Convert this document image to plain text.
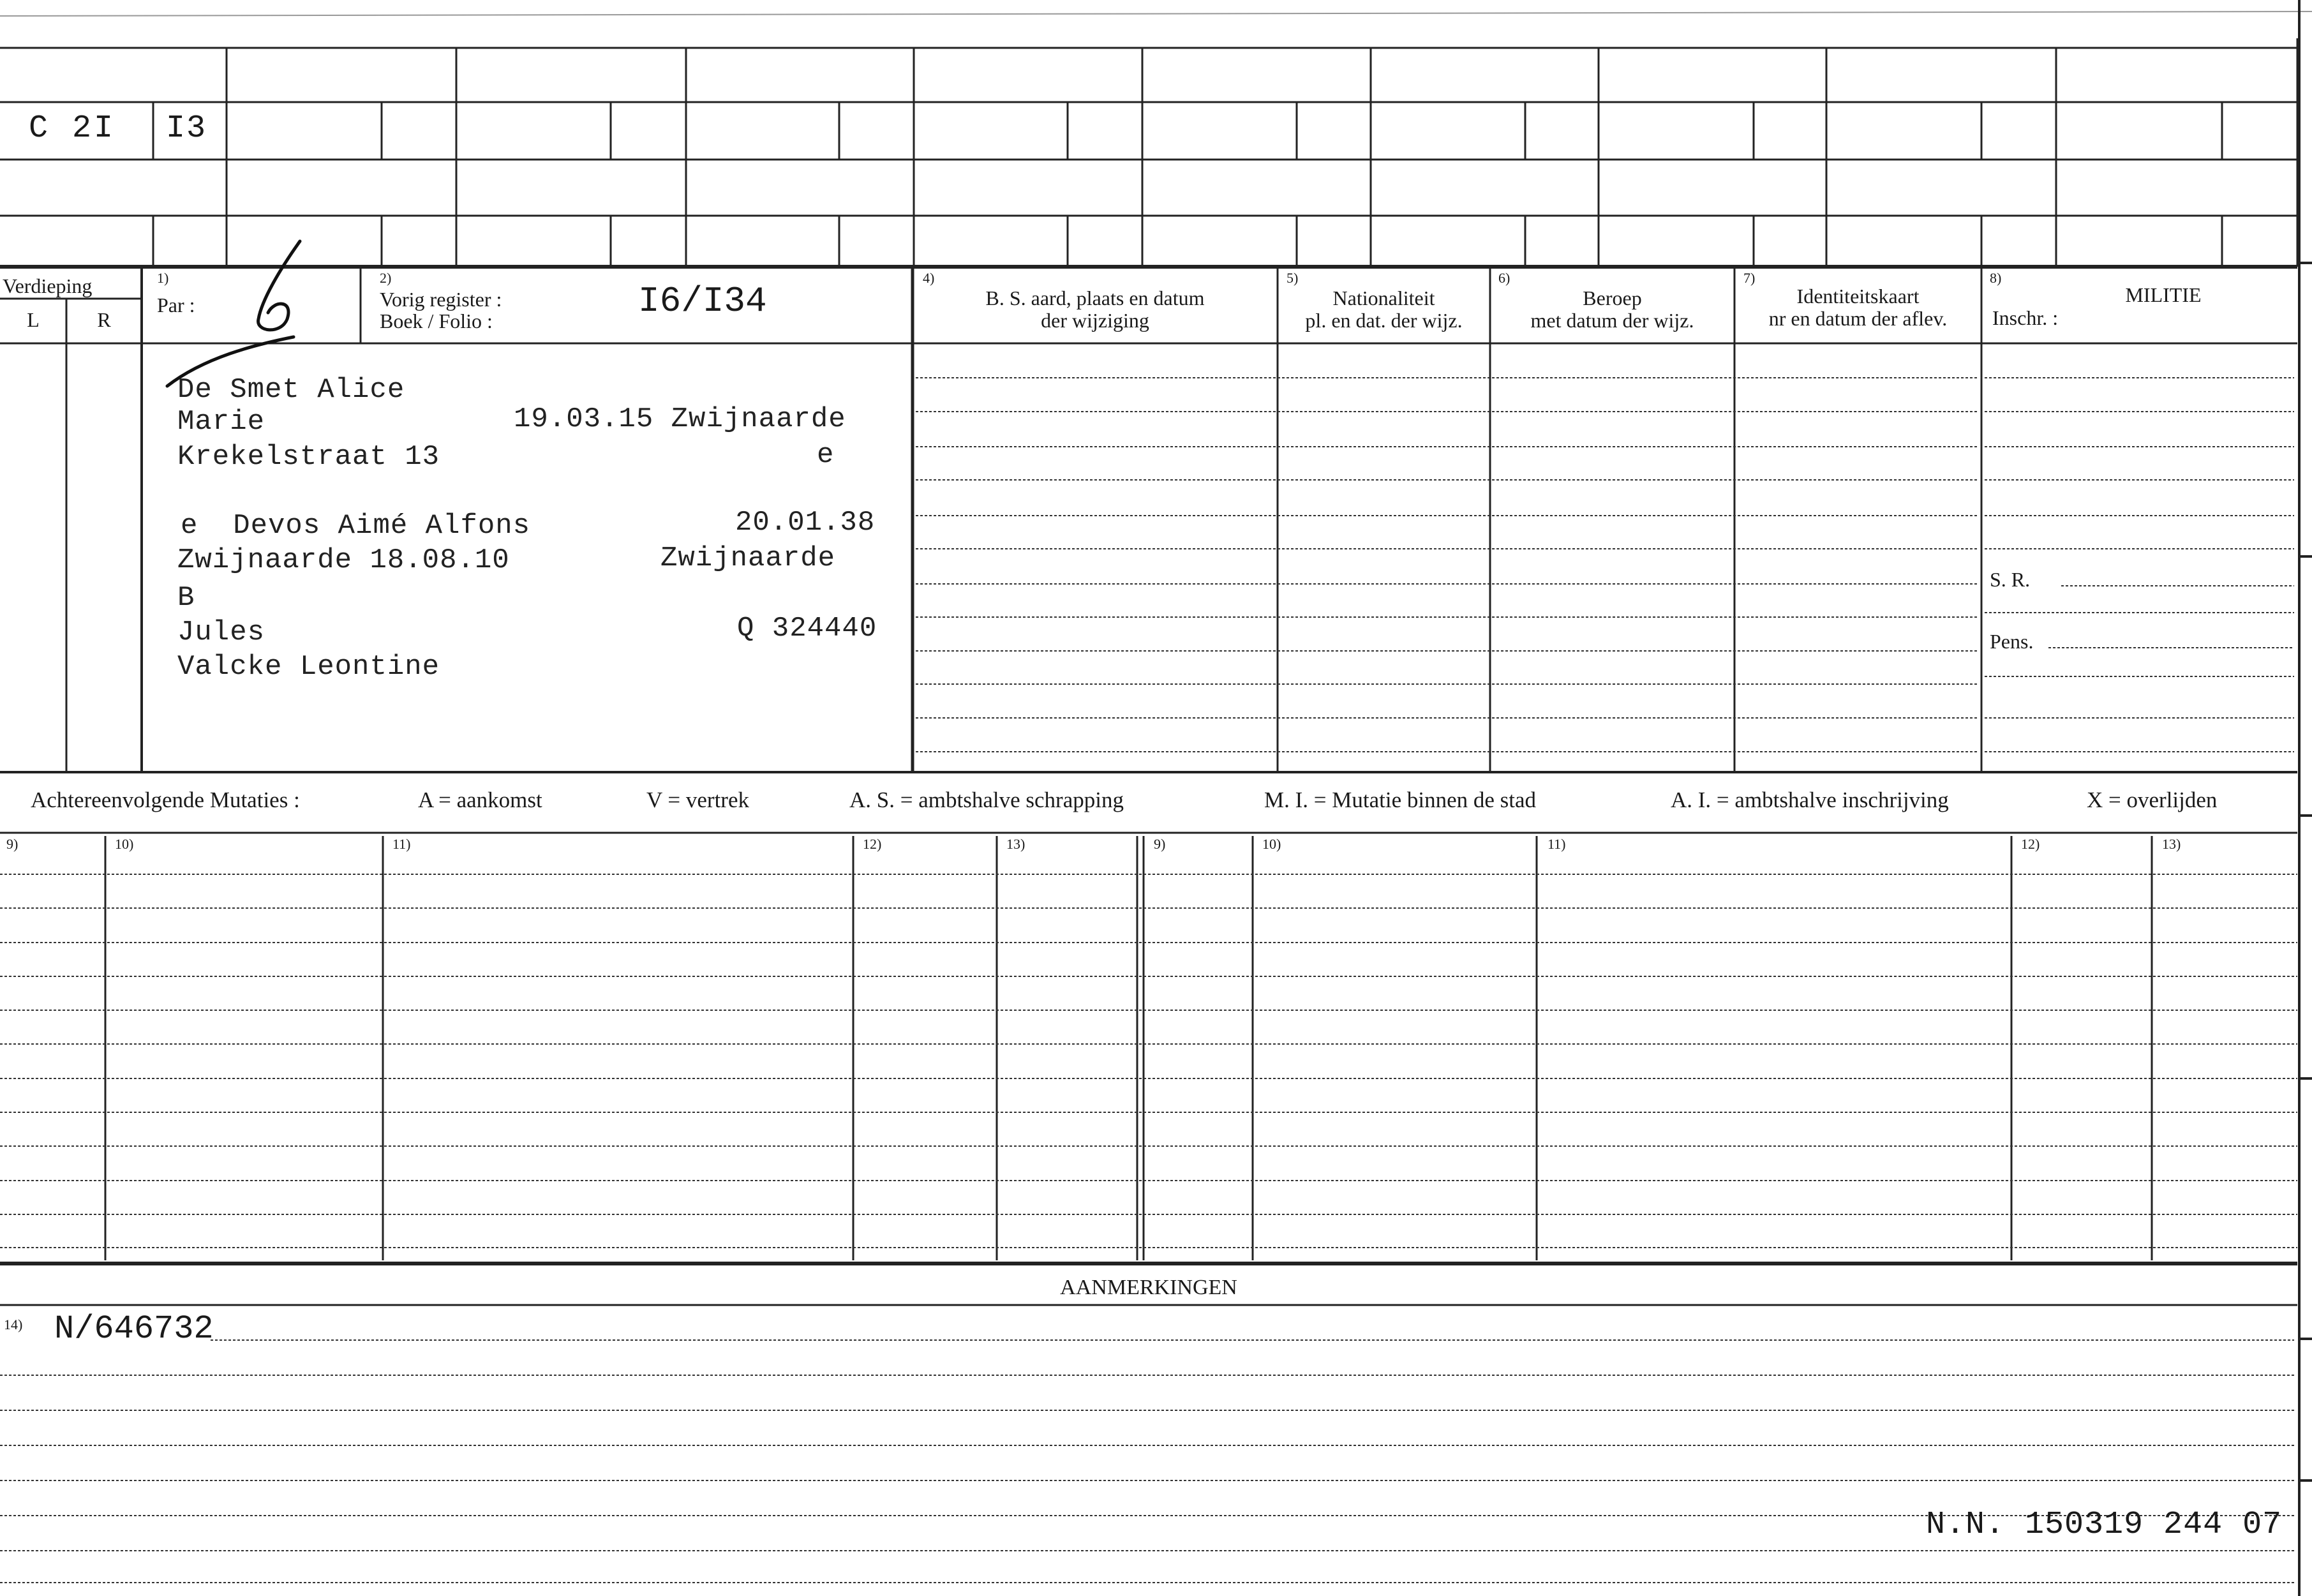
C 2I I3
Verdieping
L	R
1)
Par :
2)
Vorig register :
Boek / Folio :	I6/I34
4)
B. S. aard, plaats en datum
der wijziging
5)
Nationaliteit
pl. en dat. der wijz.
6)
Beroep
met datum der wijz.
7)
Identiteitskaart
nr en datum der aflev.
8)
MILITIE
Inschr. :
S. R.
Pens.
De Smet Alice
Marie	19.03.15 Zwijnaarde
Krekelstraat 13	e
e  Devos Aimé Alfons	20.01.38
Zwijnaarde 18.08.10	Zwijnaarde
B
Jules	Q 324440
Valcke Leontine
Achtereenvolgende Mutaties :	A = aankomst	V = vertrek	A. S. = ambtshalve schrapping	M. I. = Mutatie binnen de stad	A. I. = ambtshalve inschrijving	X = overlijden
9)	10)	11)	12)	13)	9)	10)	11)	12)	13)
AANMERKINGEN
14) N/646732
N.N. 150319 244 07
